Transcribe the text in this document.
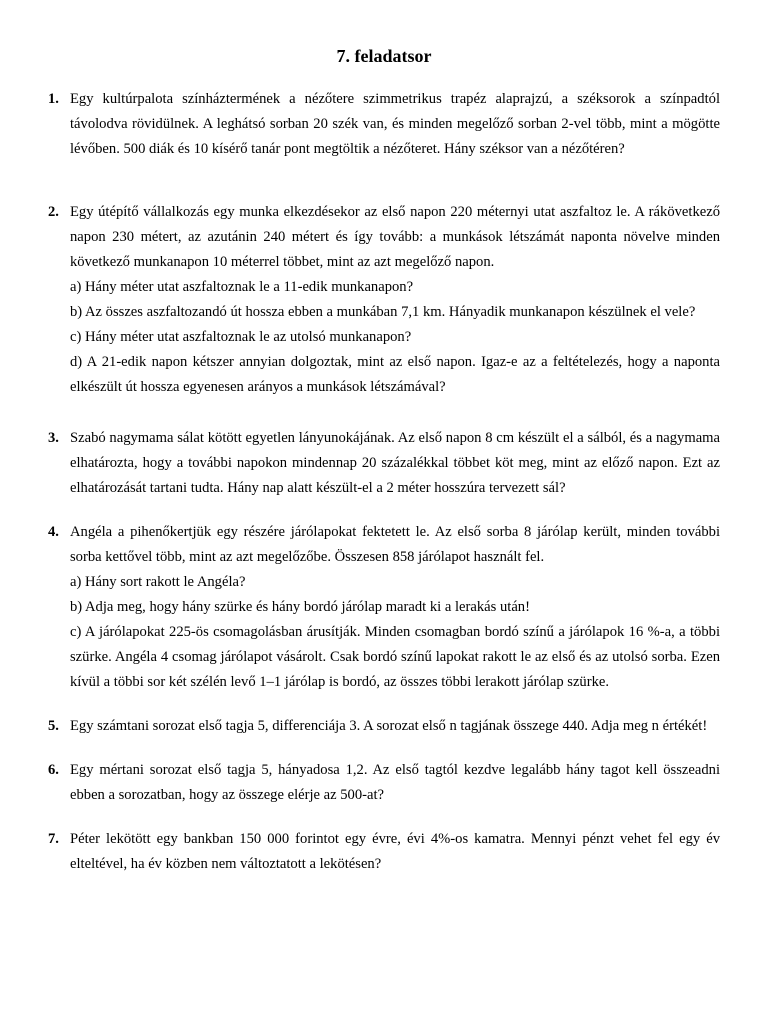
7. feladatsor
1. Egy kultúrpalota színháztermének a nézőtere szimmetrikus trapéz alaprajzú, a széksorok a színpadtól távolodva rövidülnek. A leghátsó sorban 20 szék van, és minden megelőző sorban 2-vel több, mint a mögötte lévőben. 500 diák és 10 kísérő tanár pont megtöltik a nézőteret. Hány széksor van a nézőtéren?

2. Egy útépítő vállalkozás egy munka elkezdésekor az első napon 220 méternyi utat aszfaltoz le. A rákövetkező napon 230 métert, az azutánin 240 métert és így tovább: a munkások létszámát naponta növelve minden következő munkanapon 10 méterrel többet, mint az azt megelőző napon.

a) Hány méter utat aszfaltoznak le a 11-edik munkanapon?

b) Az összes aszfaltozandó út hossza ebben a munkában 7,1 km. Hányadik munkanapon készülnek el vele?

c) Hány méter utat aszfaltoznak le az utolsó munkanapon?

d) A 21-edik napon kétszer annyian dolgoztak, mint az első napon. Igaz-e az a feltételezés, hogy a naponta elkészült út hossza egyenesen arányos a munkások létszámával?

3. Szabó nagymama sálat kötött egyetlen lányunokájának. Az első napon 8 cm készült el a sálból, és a nagymama elhatározta, hogy a további napokon mindennap 20 százalékkal többet köt meg, mint az előző napon. Ezt az elhatározását tartani tudta. Hány nap alatt készült-el a 2 méter hosszúra tervezett sál?

4. Angéla a pihenőkertjük egy részére járólapokat fektetett le. Az első sorba 8 járólap került, minden további sorba kettővel több, mint az azt megelőzőbe. Összesen 858 járólapot használt fel.

a) Hány sort rakott le Angéla?

b) Adja meg, hogy hány szürke és hány bordó járólap maradt ki a lerakás után!

c) A járólapokat 225-ös csomagolásban árusítják. Minden csomagban bordó színű a járólapok 16 %-a, a többi szürke. Angéla 4 csomag járólapot vásárolt. Csak bordó színű lapokat rakott le az első és az utolsó sorba. Ezen kívül a többi sor két szélén levő 1–1 járólap is bordó, az összes többi lerakott járólap szürke.

5. Egy számtani sorozat első tagja 5, differenciája 3. A sorozat első n tagjának összege 440. Adja meg n értékét!

6. Egy mértani sorozat első tagja 5, hányadosa 1,2. Az első tagtól kezdve legalább hány tagot kell összeadni ebben a sorozatban, hogy az összege elérje az 500-at?

7. Péter lekötött egy bankban 150 000 forintot egy évre, évi 4%-os kamatra. Mennyi pénzt vehet fel egy év elteltével, ha év közben nem változtatott a lekötésen?
